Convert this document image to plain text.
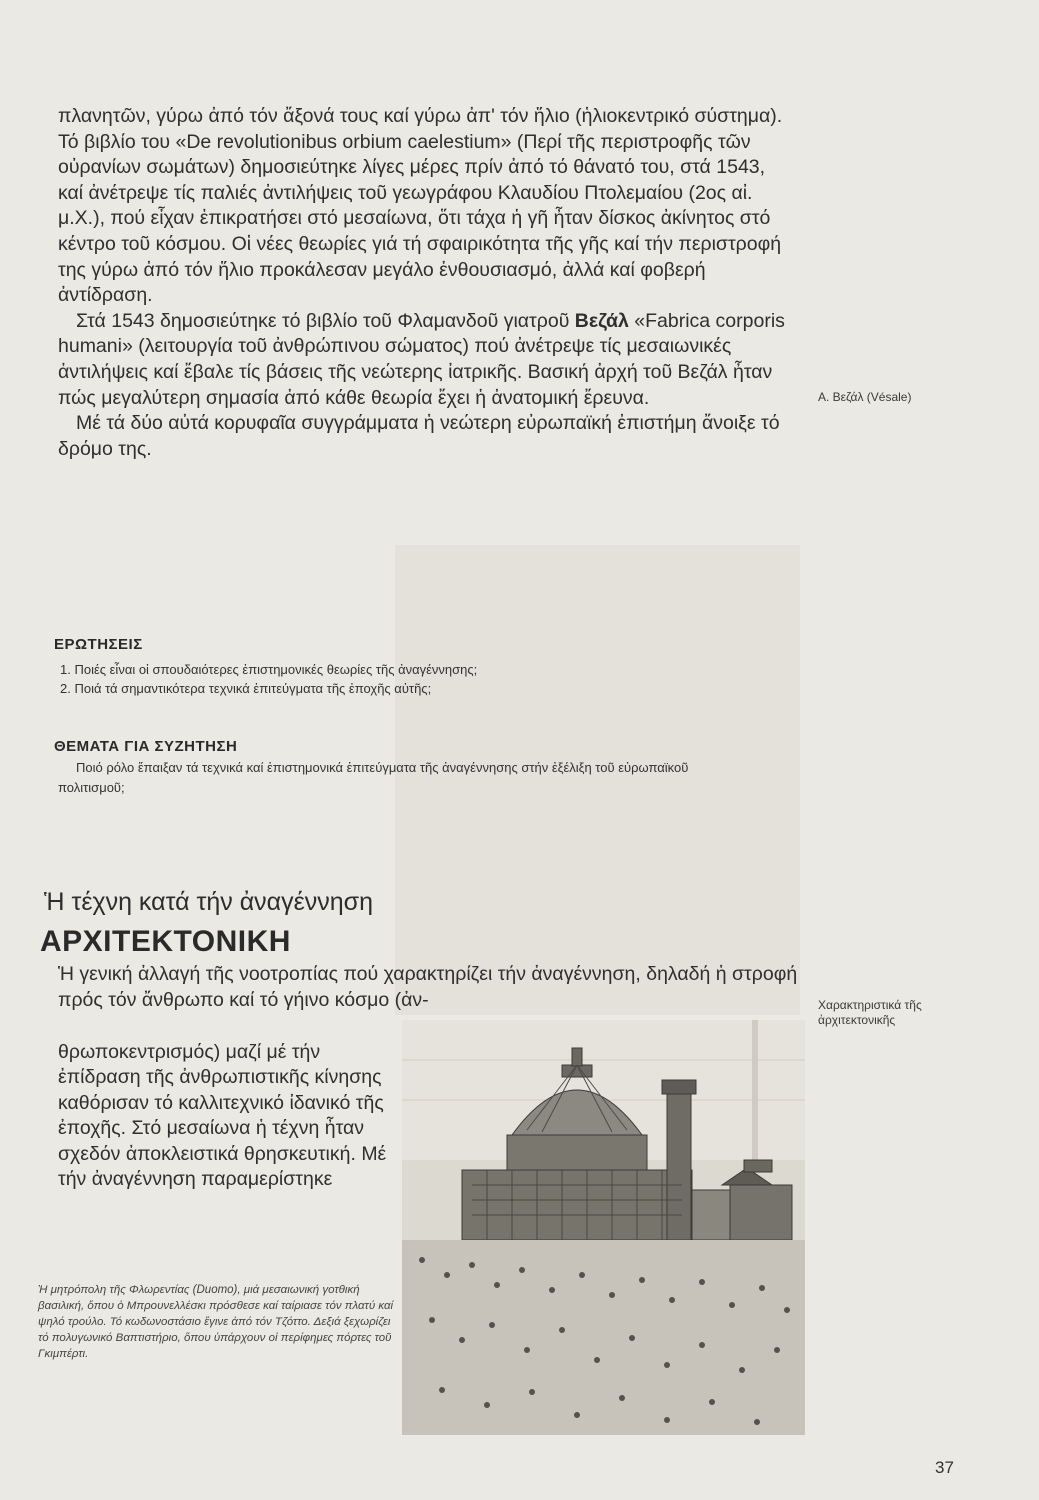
πλανητῶν, γύρω ἀπό τόν ἄξονά τους καί γύρω ἀπ' τόν ἥλιο (ἡλιοκεντρικό σύστημα). Τό βιβλίο του «De revolutionibus orbium caelestium» (Περί τῆς περιστροφῆς τῶν οὐρανίων σωμάτων) δημοσιεύτηκε λίγες μέρες πρίν ἀπό τό θάνατό του, στά 1543, καί ἀνέτρεψε τίς παλιές ἀντιλήψεις τοῦ γεωγράφου Κλαυδίου Πτολεμαίου (2ος αἰ. μ.Χ.), πού εἶχαν ἐπικρατήσει στό μεσαίωνα, ὅτι τάχα ἡ γῆ ἦταν δίσκος ἀκίνητος στό κέντρο τοῦ κόσμου. Οἱ νέες θεωρίες γιά τή σφαιρικότητα τῆς γῆς καί τήν περιστροφή της γύρω ἀπό τόν ἥλιο προκάλεσαν μεγάλο ἐνθουσιασμό, ἀλλά καί φοβερή ἀντίδραση.

Στά 1543 δημοσιεύτηκε τό βιβλίο τοῦ Φλαμανδοῦ γιατροῦ Βεζάλ «Fabrica corporis humani» (λειτουργία τοῦ ἀνθρώπινου σώματος) πού ἀνέτρεψε τίς μεσαιωνικές ἀντιλήψεις καί ἔβαλε τίς βάσεις τῆς νεώτερης ἰατρικῆς. Βασική ἀρχή τοῦ Βεζάλ ἦταν πώς μεγαλύτερη σημασία ἀπό κάθε θεωρία ἔχει ἡ ἀνατομική ἔρευνα.

Μέ τά δύο αὐτά κορυφαῖα συγγράμματα ἡ νεώτερη εὐρωπαϊκή ἐπιστήμη ἄνοιξε τό δρόμο της.

Α. Βεζάλ (Vésale)
ΕΡΩΤΗΣΕΙΣ
1. Ποιές εἶναι οἱ σπουδαιότερες ἐπιστημονικές θεωρίες τῆς ἀναγέννησης;
2. Ποιά τά σημαντικότερα τεχνικά ἐπιτεύγματα τῆς ἐποχῆς αὐτῆς;
ΘΕΜΑΤΑ ΓΙΑ ΣΥΖΗΤΗΣΗ
Ποιό ρόλο ἔπαιξαν τά τεχνικά καί ἐπιστημονικά ἐπιτεύγματα τῆς ἀναγέννησης στήν ἐξέλιξη τοῦ εὐρωπαϊκοῦ πολιτισμοῦ;
Ἡ τέχνη κατά τήν ἀναγέννηση
ΑΡΧΙΤΕΚΤΟΝΙΚΗ
Ἡ γενική ἀλλαγή τῆς νοοτροπίας πού χαρακτηρίζει τήν ἀναγέννηση, δηλαδή ἡ στροφή πρός τόν ἄνθρωπο καί τό γήινο κόσμο (ἀν-
θρωποκεντρισμός) μαζί μέ τήν ἐπίδραση τῆς ἀνθρωπιστικῆς κίνησης καθόρισαν τό καλλιτεχνικό ἰδανικό τῆς ἐποχῆς. Στό μεσαίωνα ἡ τέχνη ἦταν σχεδόν ἀποκλειστικά θρησκευτική. Μέ τήν ἀναγέννηση παραμερίστηκε
Χαρακτηριστικά τῆς ἀρχιτεκτονικῆς
Ἡ μητρόπολη τῆς Φλωρεντίας (Duomo), μιά μεσαιωνική γοτθική βασιλική, ὅπου ὁ Μπρουνελλέσκι πρόσθεσε καί ταίριασε τόν πλατύ καί ψηλό τρούλο. Τό κωδωνοστάσιο ἔγινε ἀπό τόν Τζόττο. Δεξιά ξεχωρίζει τό πολυγωνικό Βαπτιστήριο, ὅπου ὑπάρχουν οἱ περίφημες πόρτες τοῦ Γκιμπέρτι.
37
